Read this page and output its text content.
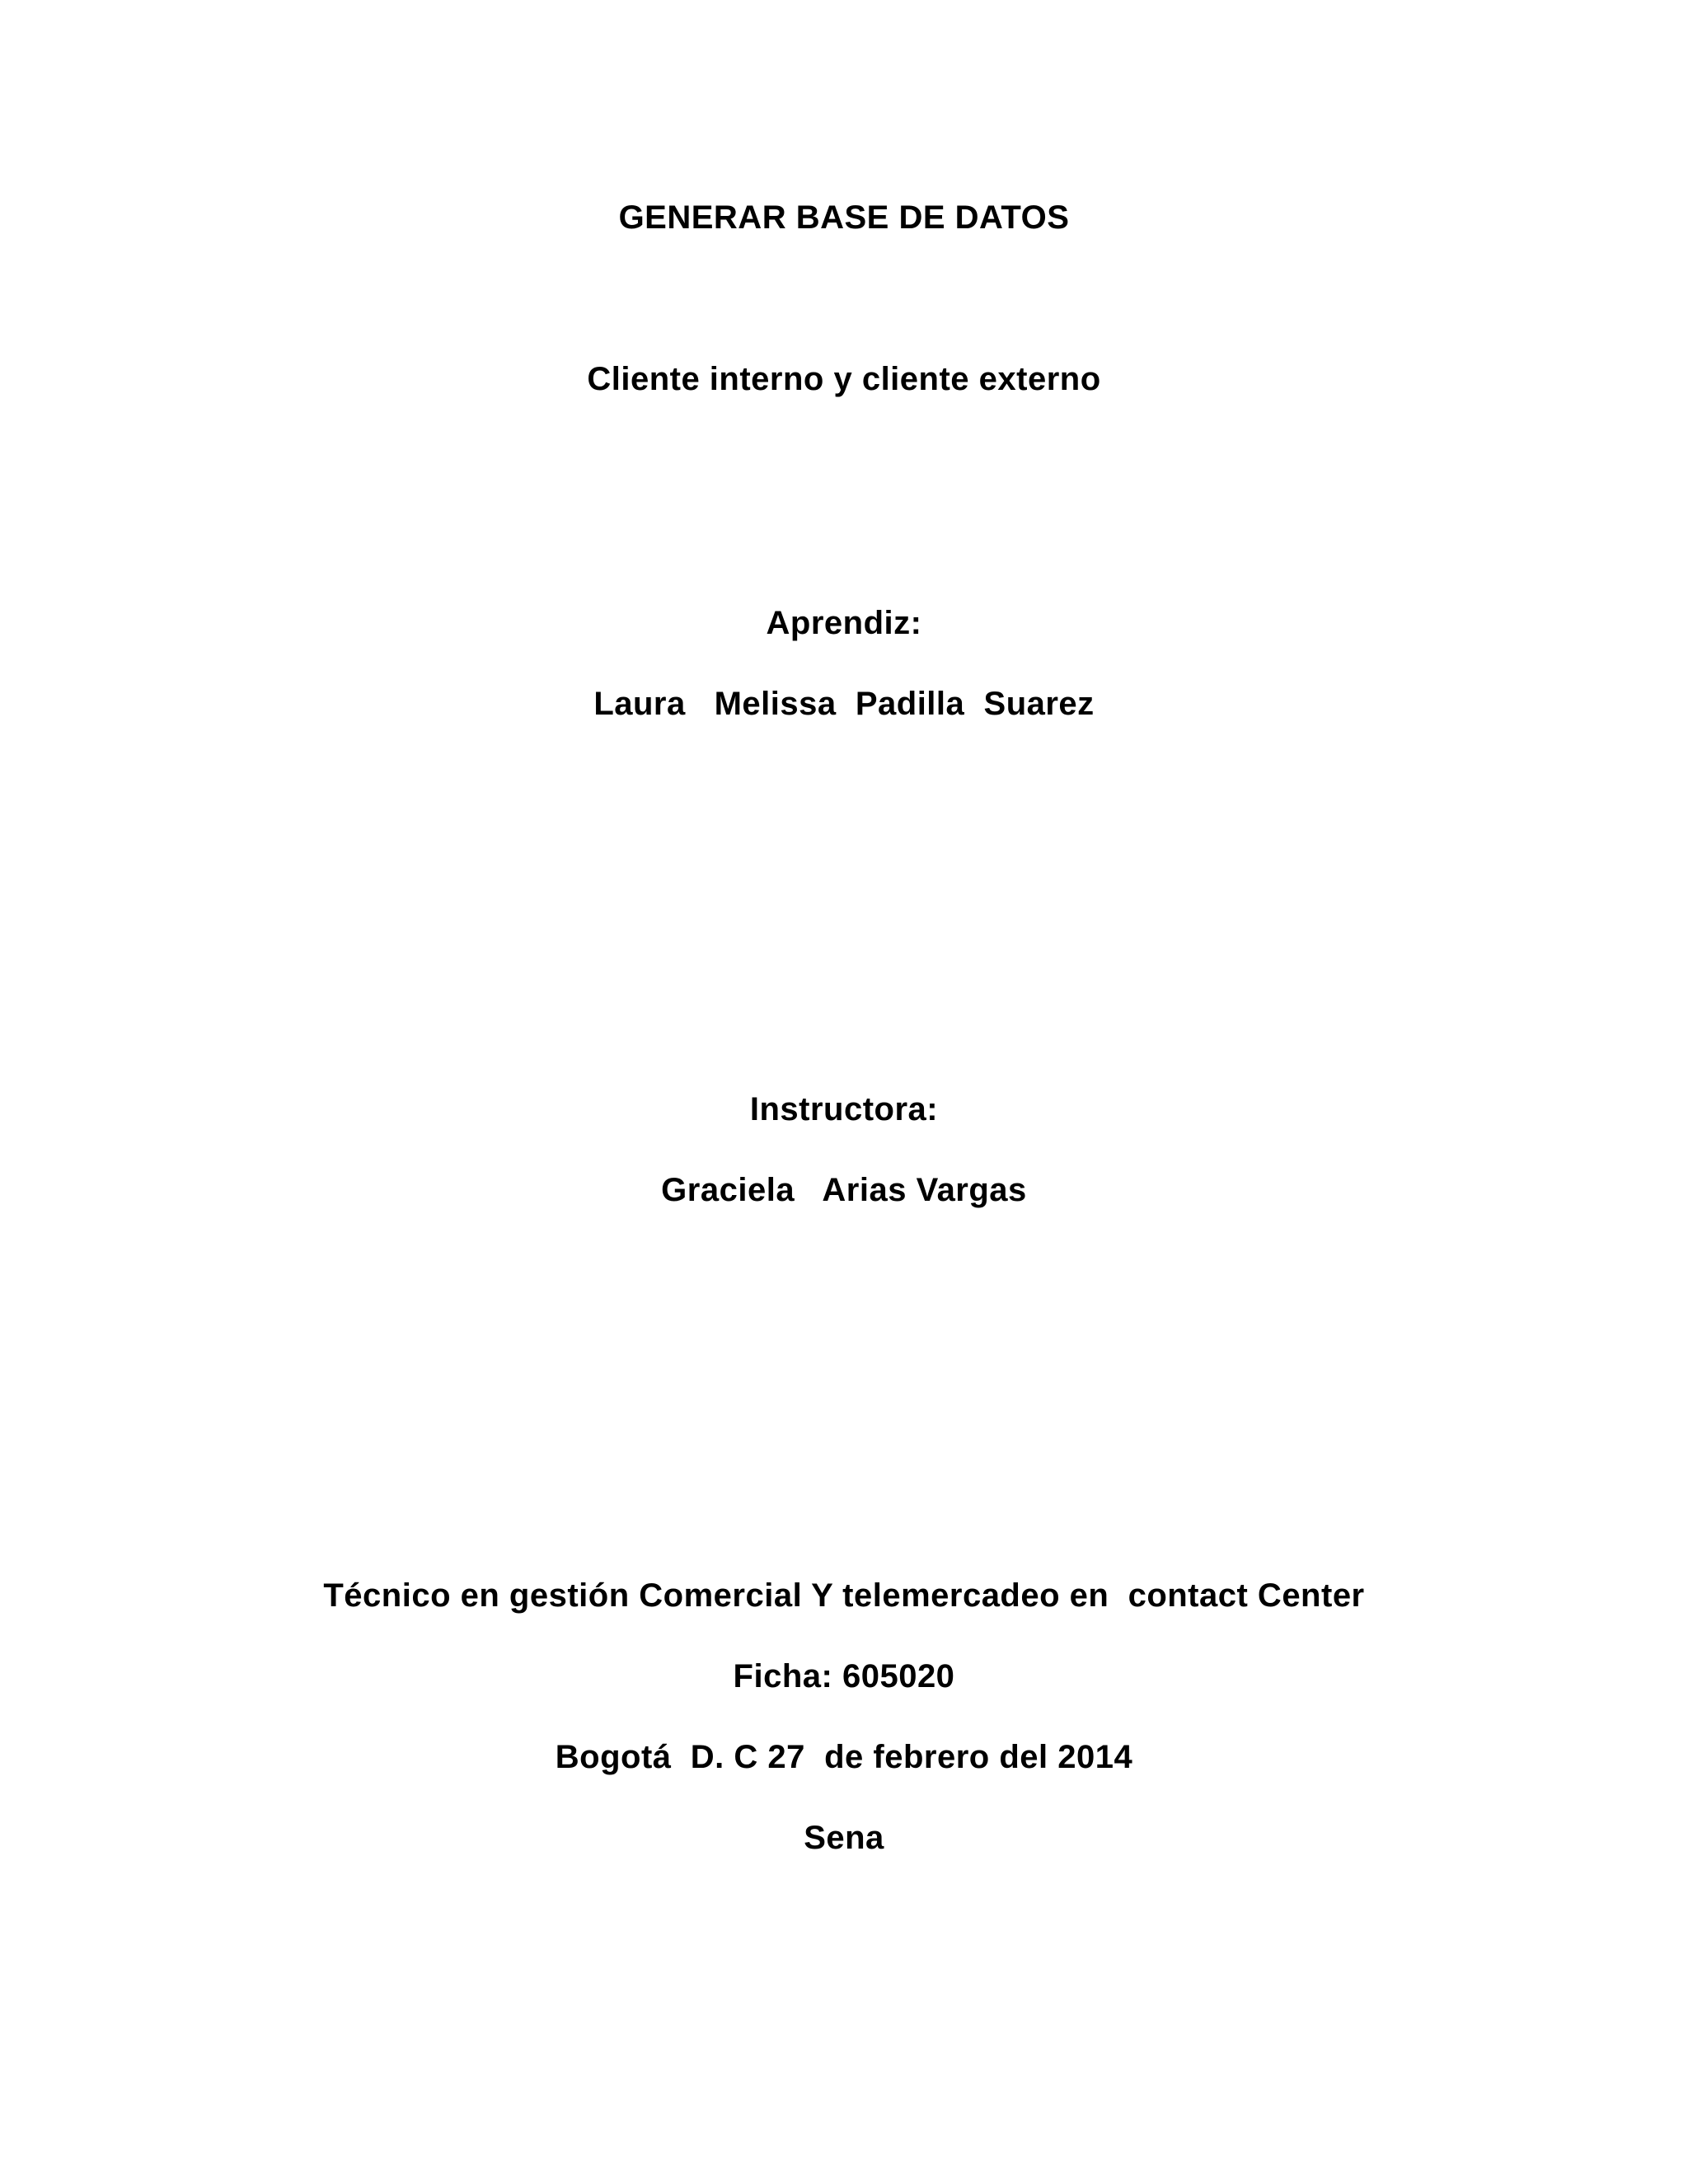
GENERAR BASE DE DATOS
Cliente interno y cliente externo
Aprendiz:
Laura   Melissa  Padilla  Suarez
Instructora:
Graciela   Arias Vargas
Técnico en gestión Comercial Y telemercadeo en  contact Center
Ficha: 605020
Bogotá  D. C 27  de febrero del 2014
Sena
